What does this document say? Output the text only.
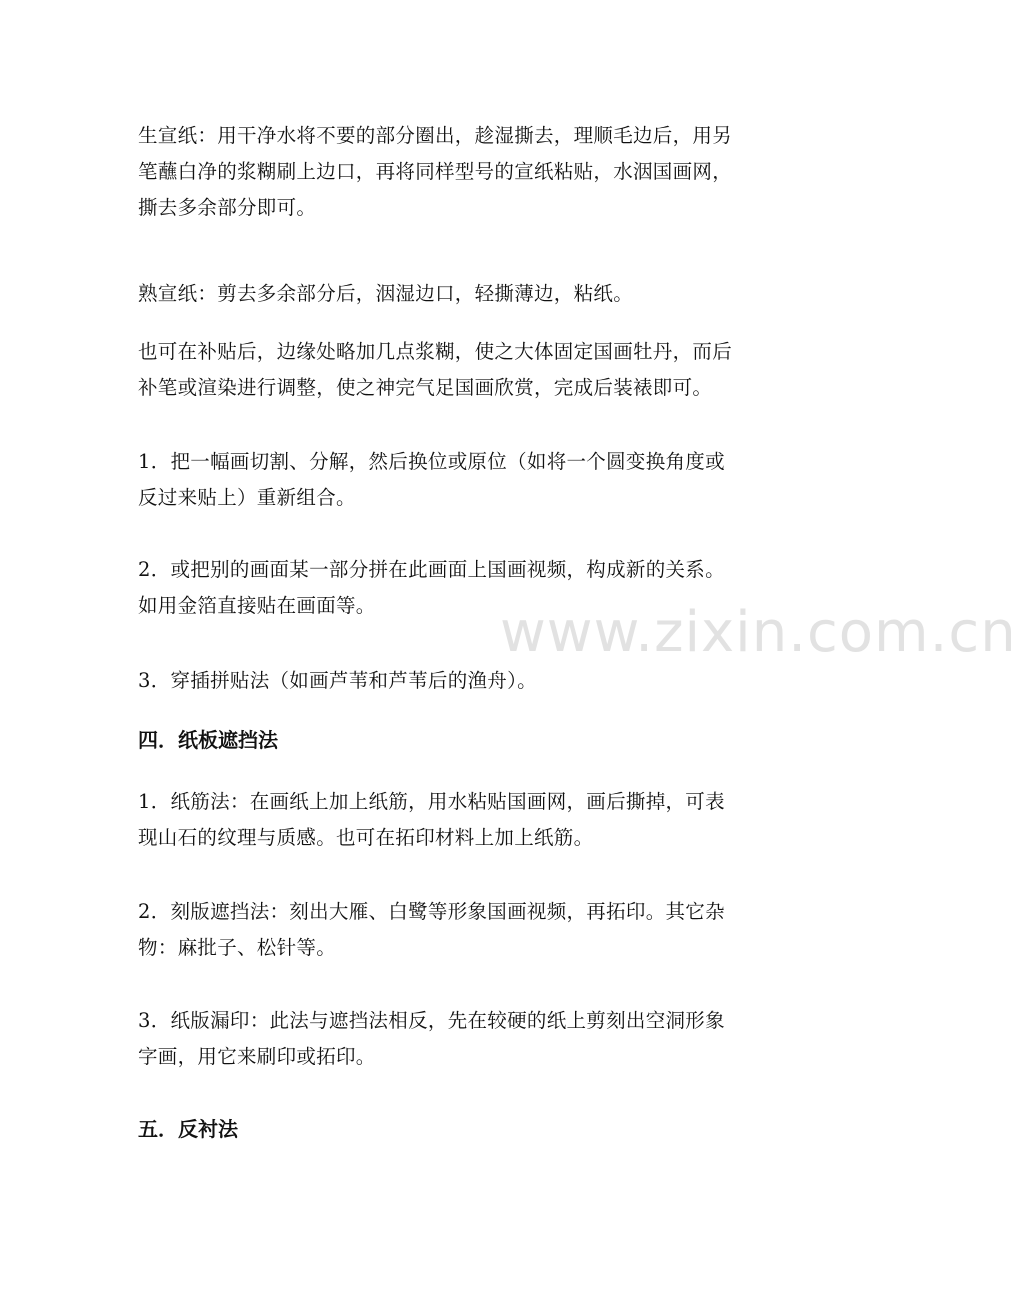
www.zixin.com.cn

生宣纸：用干净水将不要的部分圈出，趁湿撕去，理顺毛边后，用另
笔蘸白净的浆糊刷上边口，再将同样型号的宣纸粘贴，水洇国画网，
撕去多余部分即可。

熟宣纸：剪去多余部分后，洇湿边口，轻撕薄边，粘纸。

也可在补贴后，边缘处略加几点浆糊，使之大体固定国画牡丹，而后
补笔或渲染进行调整，使之神完气足国画欣赏，完成后装裱即可。

1．把一幅画切割、分解，然后换位或原位（如将一个圆变换角度或
反过来贴上）重新组合。

2．或把别的画面某一部分拼在此画面上国画视频，构成新的关系。
如用金箔直接贴在画面等。

3．穿插拼贴法（如画芦苇和芦苇后的渔舟）。

四．纸板遮挡法

1．纸筋法：在画纸上加上纸筋，用水粘贴国画网，画后撕掉，可表
现山石的纹理与质感。也可在拓印材料上加上纸筋。

2．刻版遮挡法：刻出大雁、白鹭等形象国画视频，再拓印。其它杂
物：麻批子、松针等。

3．纸版漏印：此法与遮挡法相反，先在较硬的纸上剪刻出空洞形象
字画，用它来刷印或拓印。

五．反衬法
